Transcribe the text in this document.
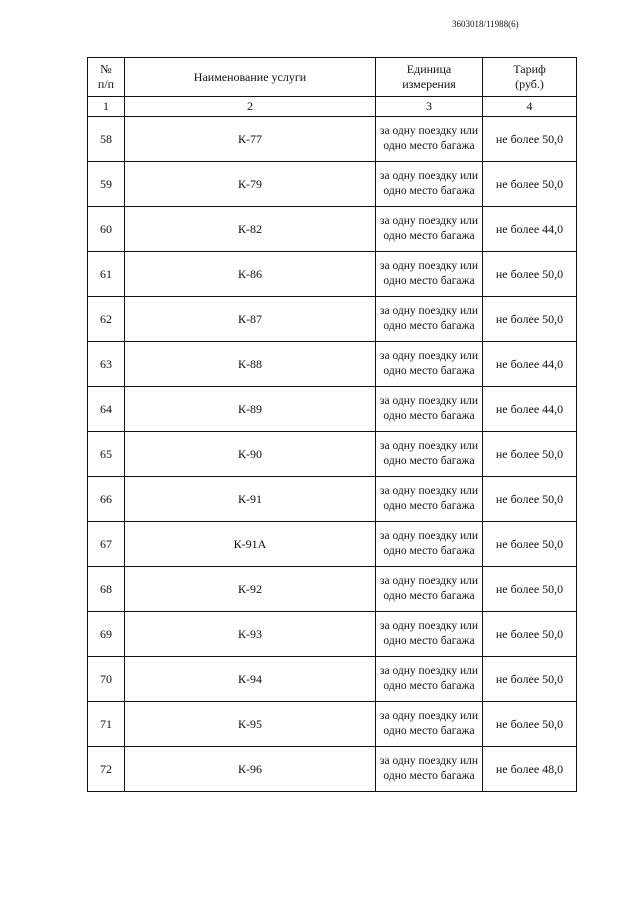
3603018/11988(6)
№ п/п	Наименование услуги	Единица измерения	Тариф (руб.)
1	2	3	4
58	К-77	за одну поездку или одно место багажа	не более 50,0
59	К-79	за одну поездку или одно место багажа	не более 50,0
60	К-82	за одну поездку или одно место багажа	не более 44,0
61	К-86	за одну поездку или одно место багажа	не более 50,0
62	К-87	за одну поездку или одно место багажа	не более 50,0
63	К-88	за одну поездку или одно место багажа	не более 44,0
64	К-89	за одну поездку или одно место багажа	не более 44,0
65	К-90	за одну поездку или одно место багажа	не более 50,0
66	К-91	за одну поездку или одно место багажа	не более 50,0
67	К-91А	за одну поездку или одно место багажа	не более 50,0
68	К-92	за одну поездку или одно место багажа	не более 50,0
69	К-93	за одну поездку или одно место багажа	не более 50,0
70	К-94	за одну поездку или одно место багажа	не более 50,0
71	К-95	за одну поездку или одно место багажа	не более 50,0
72	К-96	за одну поездку илн одно место багажа	не более 48,0
